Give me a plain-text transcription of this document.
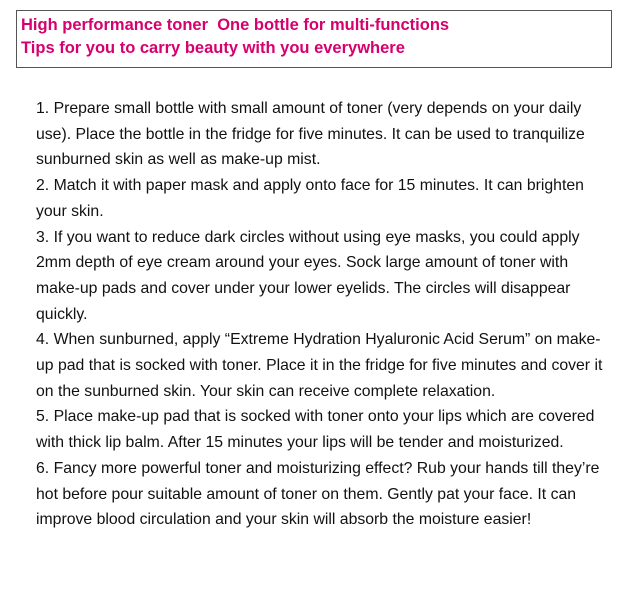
High performance toner  One bottle for multi-functions
Tips for you to carry beauty with you everywhere

1. Prepare small bottle with small amount of toner (very depends on your daily use). Place the bottle in the fridge for five minutes. It can be used to tranquilize sunburned skin as well as make-up mist.

2. Match it with paper mask and apply onto face for 15 minutes. It can brighten your skin.

3. If you want to reduce dark circles without using eye masks, you could apply 2mm depth of eye cream around your eyes. Sock large amount of toner with make-up pads and cover under your lower eyelids. The circles will disappear quickly.

4. When sunburned, apply “Extreme Hydration Hyaluronic Acid Serum” on make-up pad that is socked with toner. Place it in the fridge for five minutes and cover it on the sunburned skin. Your skin can receive complete relaxation.

5. Place make-up pad that is socked with toner onto your lips which are covered with thick lip balm. After 15 minutes your lips will be tender and moisturized.

6. Fancy more powerful toner and moisturizing effect? Rub your hands till they’re hot before pour suitable amount of toner on them. Gently pat your face. It can improve blood circulation and your skin will absorb the moisture easier!
